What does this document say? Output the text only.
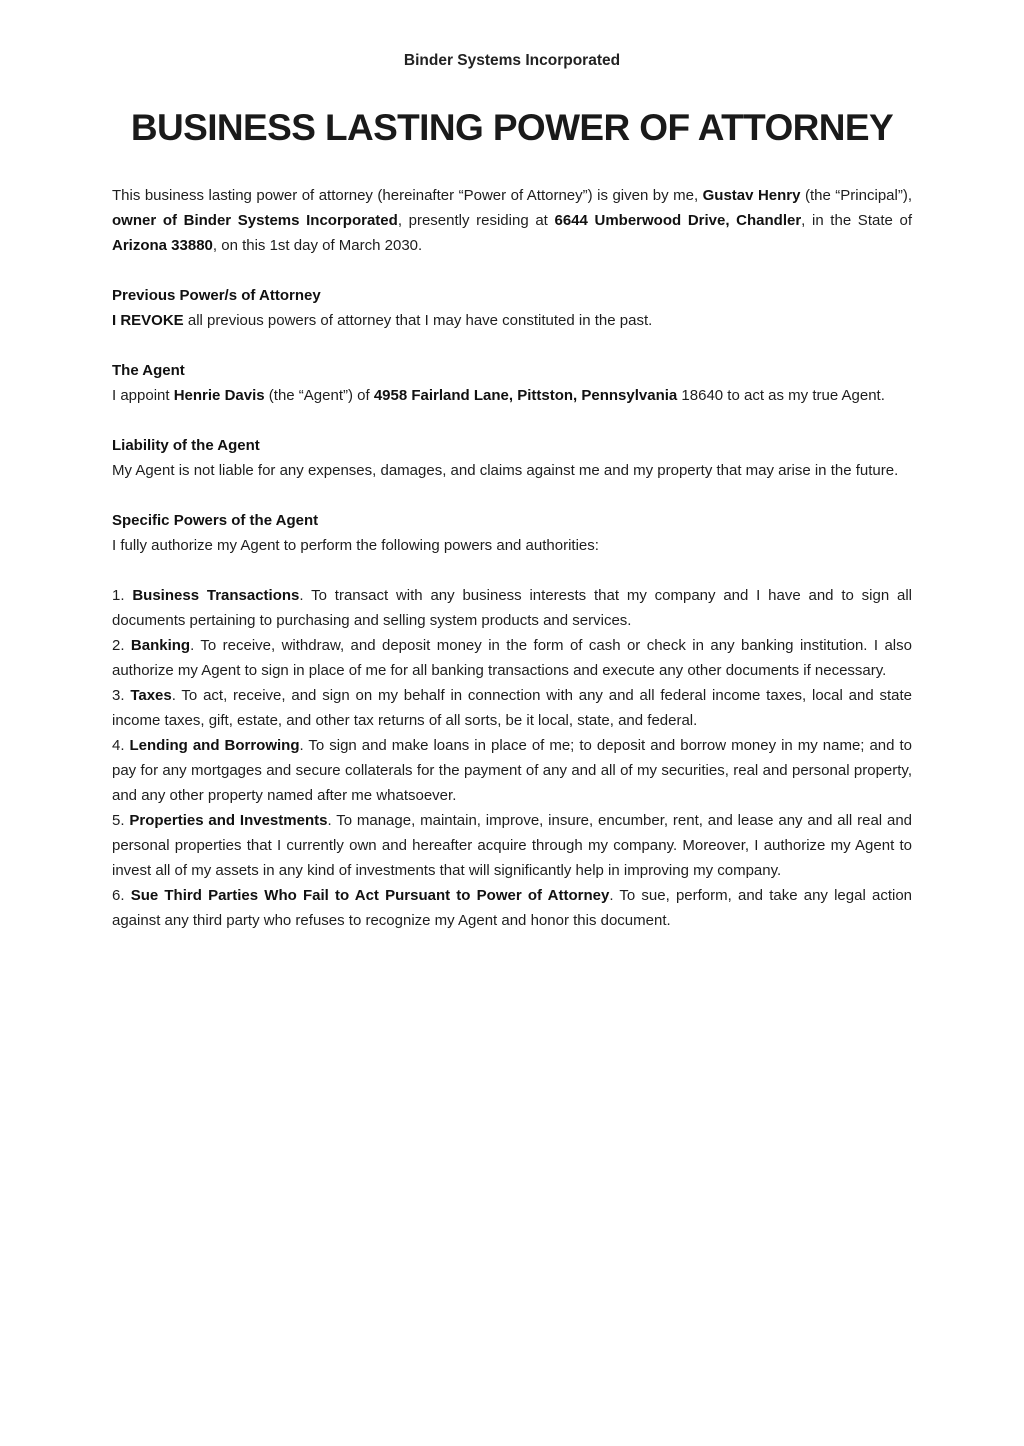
Binder Systems Incorporated
BUSINESS LASTING POWER OF ATTORNEY

This business lasting power of attorney (hereinafter “Power of Attorney”) is given by me, Gustav Henry (the “Principal”), owner of Binder Systems Incorporated, presently residing at 6644 Umberwood Drive, Chandler, in the State of Arizona 33880, on this 1st day of March 2030.

Previous Power/s of Attorney

I REVOKE all previous powers of attorney that I may have constituted in the past.

The Agent

I appoint Henrie Davis (the “Agent”) of 4958 Fairland Lane, Pittston, Pennsylvania 18640 to act as my true Agent.

Liability of the Agent

My Agent is not liable for any expenses, damages, and claims against me and my property that may arise in the future.

Specific Powers of the Agent

I fully authorize my Agent to perform the following powers and authorities:

1. Business Transactions. To transact with any business interests that my company and I have and to sign all documents pertaining to purchasing and selling system products and services.

2. Banking. To receive, withdraw, and deposit money in the form of cash or check in any banking institution. I also authorize my Agent to sign in place of me for all banking transactions and execute any other documents if necessary.

3. Taxes. To act, receive, and sign on my behalf in connection with any and all federal income taxes, local and state income taxes, gift, estate, and other tax returns of all sorts, be it local, state, and federal.

4. Lending and Borrowing. To sign and make loans in place of me; to deposit and borrow money in my name; and to pay for any mortgages and secure collaterals for the payment of any and all of my securities, real and personal property, and any other property named after me whatsoever.

5. Properties and Investments. To manage, maintain, improve, insure, encumber, rent, and lease any and all real and personal properties that I currently own and hereafter acquire through my company. Moreover, I authorize my Agent to invest all of my assets in any kind of investments that will significantly help in improving my company.

6. Sue Third Parties Who Fail to Act Pursuant to Power of Attorney. To sue, perform, and take any legal action against any third party who refuses to recognize my Agent and honor this document.
